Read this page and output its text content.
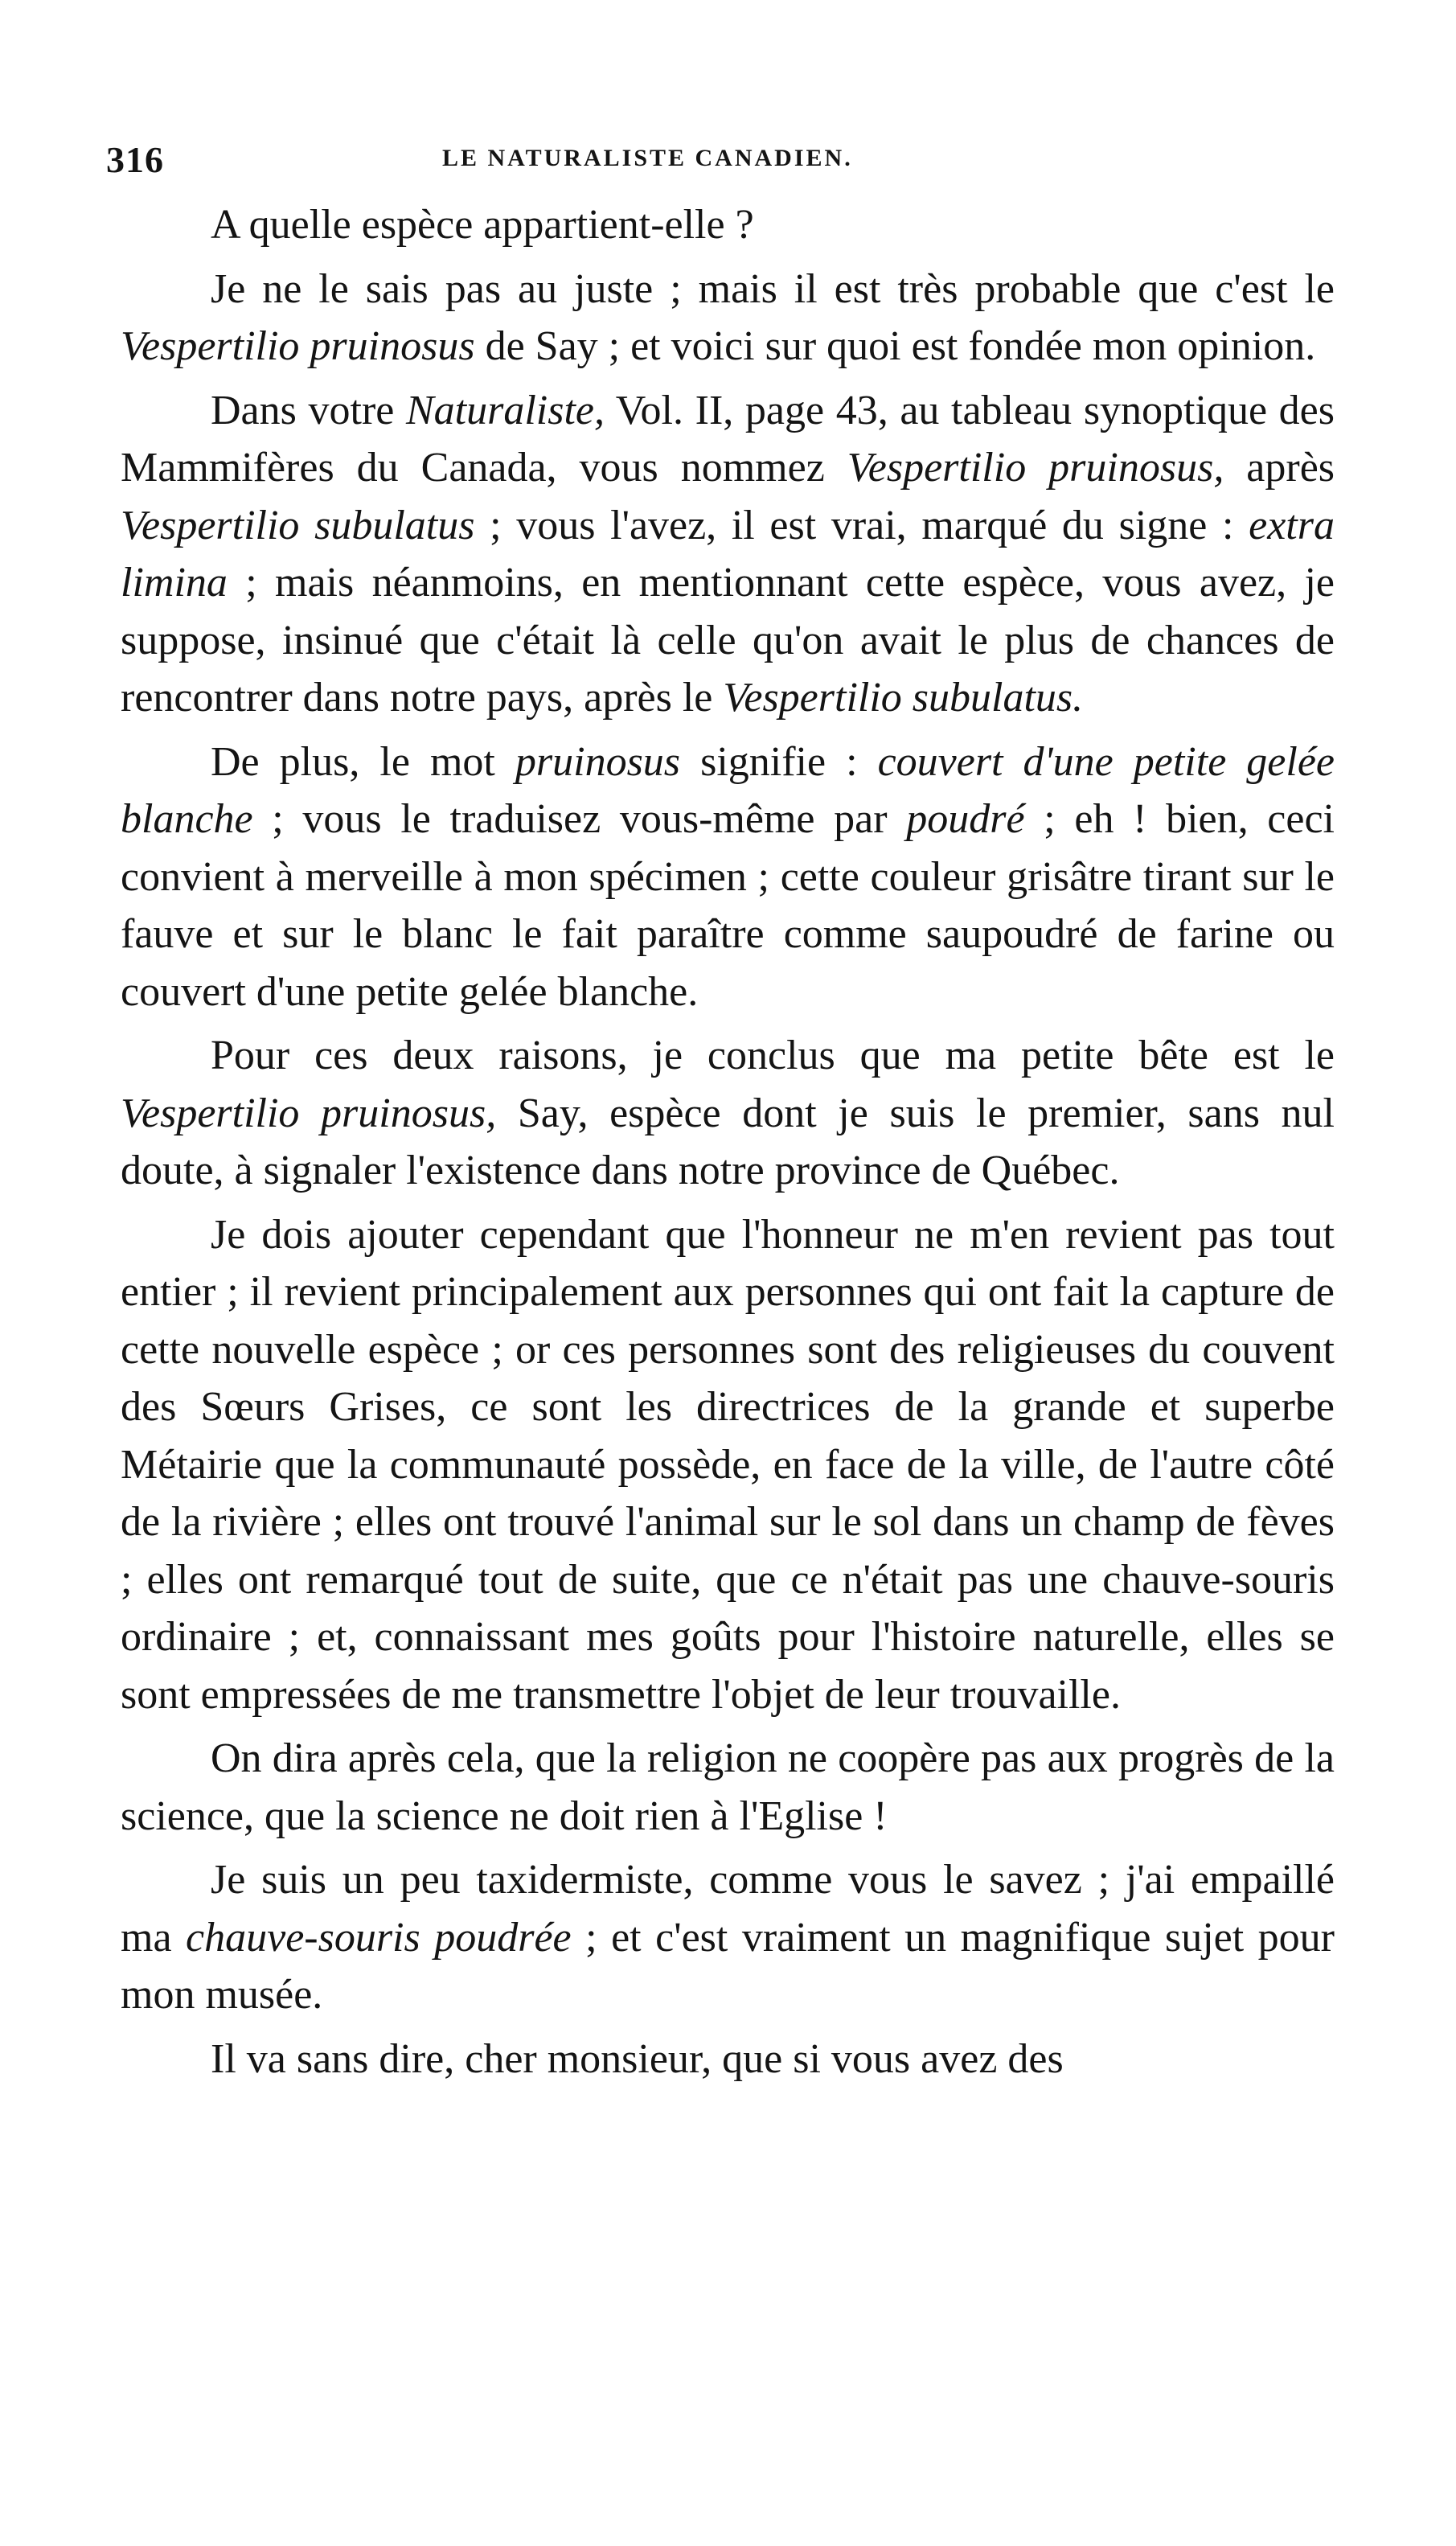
316	LE NATURALISTE CANADIEN.

A quelle espèce appartient-elle ?

Je ne le sais pas au juste ; mais il est très probable que c'est le Vespertilio pruinosus de Say ; et voici sur quoi est fondée mon opinion.

Dans votre Naturaliste, Vol. II, page 43, au tableau synoptique des Mammifères du Canada, vous nommez Vespertilio pruinosus, après Vespertilio subulatus ; vous l'avez, il est vrai, marqué du signe : extra limina ; mais néanmoins, en mentionnant cette espèce, vous avez, je suppose, insinué que c'était là celle qu'on avait le plus de chances de rencontrer dans notre pays, après le Vespertilio subulatus.

De plus, le mot pruinosus signifie : couvert d'une petite gelée blanche ; vous le traduisez vous-même par poudré ; eh ! bien, ceci convient à merveille à mon spécimen ; cette couleur grisâtre tirant sur le fauve et sur le blanc le fait paraître comme saupoudré de farine ou couvert d'une petite gelée blanche.

Pour ces deux raisons, je conclus que ma petite bête est le Vespertilio pruinosus, Say, espèce dont je suis le premier, sans nul doute, à signaler l'existence dans notre province de Québec.

Je dois ajouter cependant que l'honneur ne m'en revient pas tout entier ; il revient principalement aux personnes qui ont fait la capture de cette nouvelle espèce ; or ces personnes sont des religieuses du couvent des Sœurs Grises, ce sont les directrices de la grande et superbe Métairie que la communauté possède, en face de la ville, de l'autre côté de la rivière ; elles ont trouvé l'animal sur le sol dans un champ de fèves ; elles ont remarqué tout de suite, que ce n'était pas une chauve-souris ordinaire ; et, connaissant mes goûts pour l'histoire naturelle, elles se sont empressées de me transmettre l'objet de leur trouvaille.

On dira après cela, que la religion ne coopère pas aux progrès de la science, que la science ne doit rien à l'Eglise !

Je suis un peu taxidermiste, comme vous le savez ; j'ai empaillé ma chauve-souris poudrée ; et c'est vraiment un magnifique sujet pour mon musée.

Il va sans dire, cher monsieur, que si vous avez des
